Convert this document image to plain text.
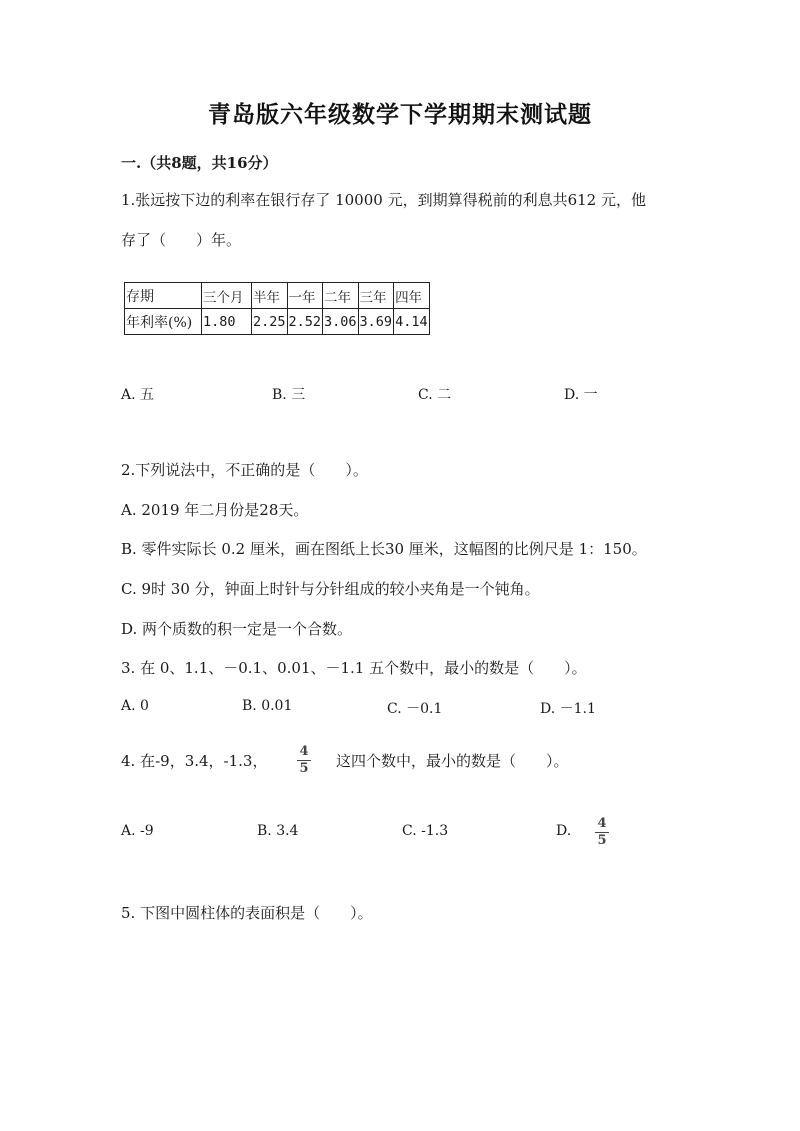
青岛版六年级数学下学期期末测试题
一.（共8题，共16分）
1.张远按下边的利率在银行存了 10000 元，到期算得税前的利息共612 元，他
存了（　　）年。
存期	三个月	半年	一年	二年	三年	四年
年利率(%)	1.80	2.25	2.52	3.06	3.69	4.14
A. 五	B. 三	C. 二	D. 一
2.下列说法中，不正确的是（　　）。
A. 2019 年二月份是28天。
B. 零件实际长 0.2 厘米，画在图纸上长30 厘米，这幅图的比例尺是 1：150。
C. 9时 30 分，钟面上时针与分针组成的较小夹角是一个钝角。
D. 两个质数的积一定是一个合数。
3. 在 0、1.1、－0.1、0.01、－1.1 五个数中，最小的数是（　　）。
A. 0	B. 0.01	C. －0.1	D. －1.1
4. 在-9，3.4，-1.3，
4
5 这四个数中，最小的数是（　　）。
A. -9	B. 3.4	C. -1.3	D. 4
5
5. 下图中圆柱体的表面积是（　　）。
